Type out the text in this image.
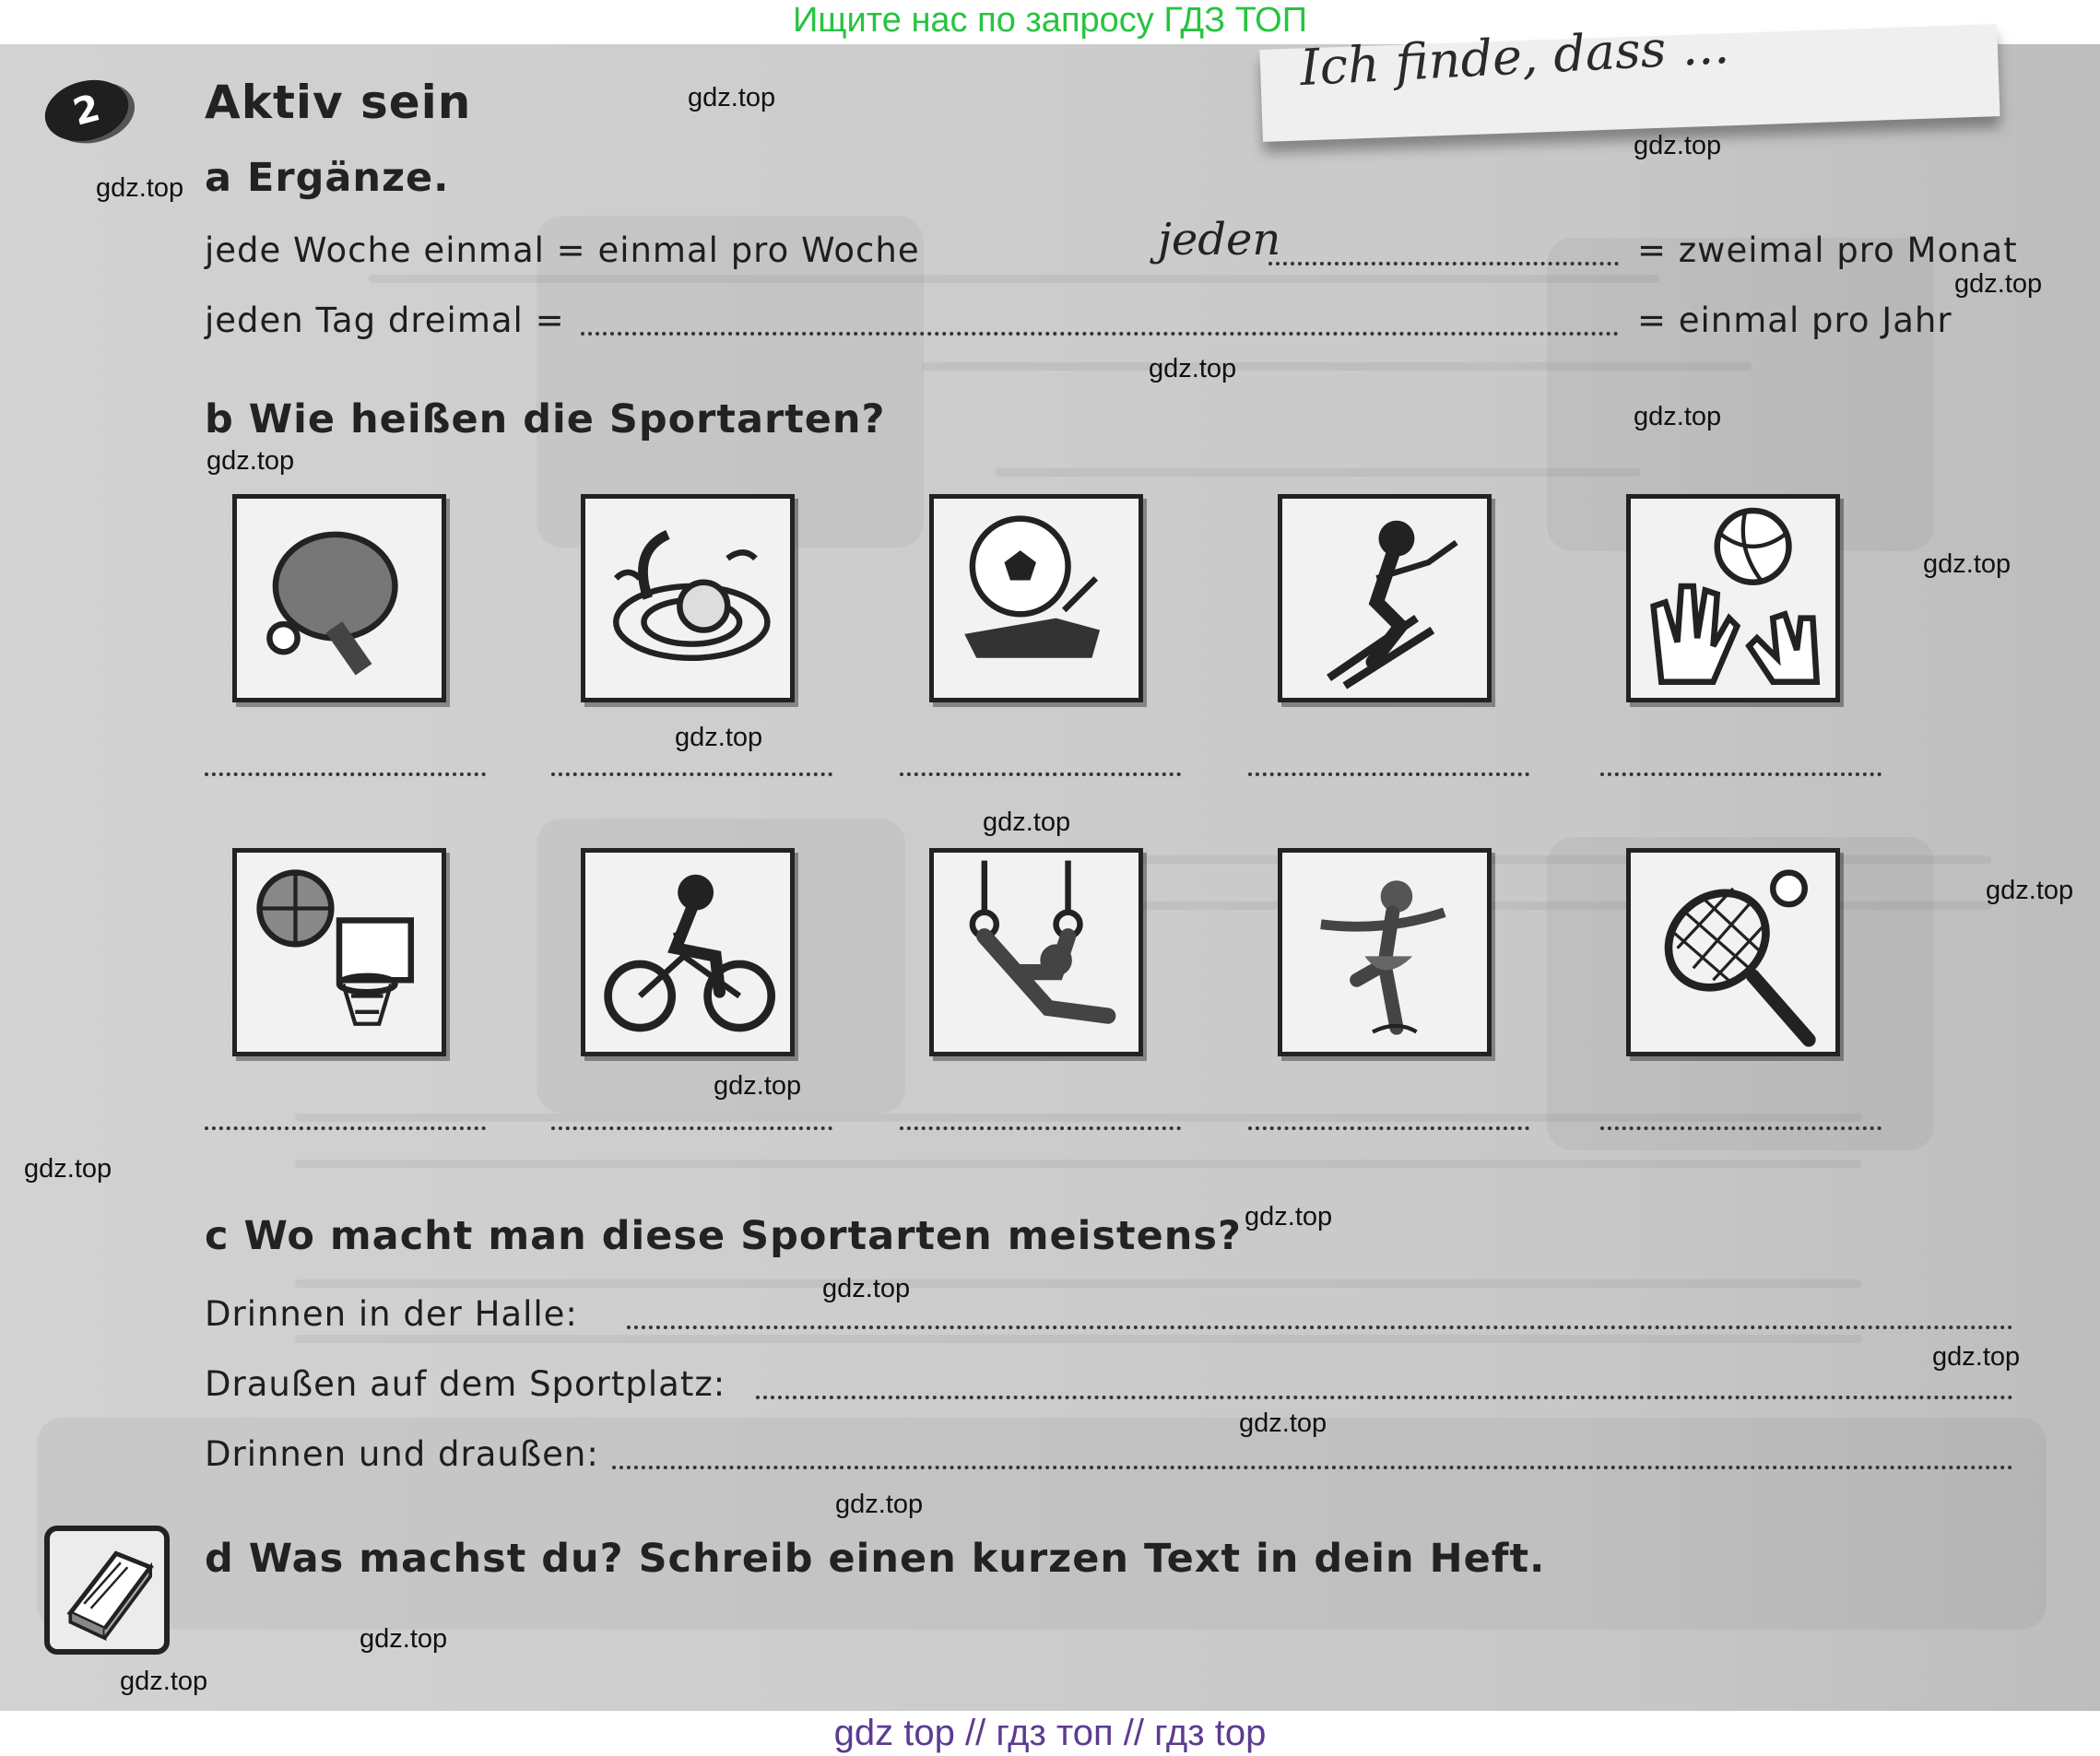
Ищите нас по запросу ГДЗ ТОП
Ich finde, dass ...
2	Aktiv sein
a Ergänze.
jede Woche einmal = einmal pro Woche	jeden	= zweimal pro Monat
jeden Tag dreimal =	= einmal pro Jahr
b Wie heißen die Sportarten?
c Wo macht man diese Sportarten meistens?
Drinnen in der Halle:
Draußen auf dem Sportplatz:
Drinnen und draußen:
d Was machst du? Schreib einen kurzen Text in dein Heft.
gdz.top
gdz.top
gdz.top
gdz.top
gdz.top
gdz.top
gdz.top
gdz.top
gdz.top
gdz.top
gdz.top
gdz.top
gdz.top
gdz.top
gdz.top
gdz.top
gdz.top
gdz.top
gdz.top
gdz.top
gdz top // гдз топ // гдз top
